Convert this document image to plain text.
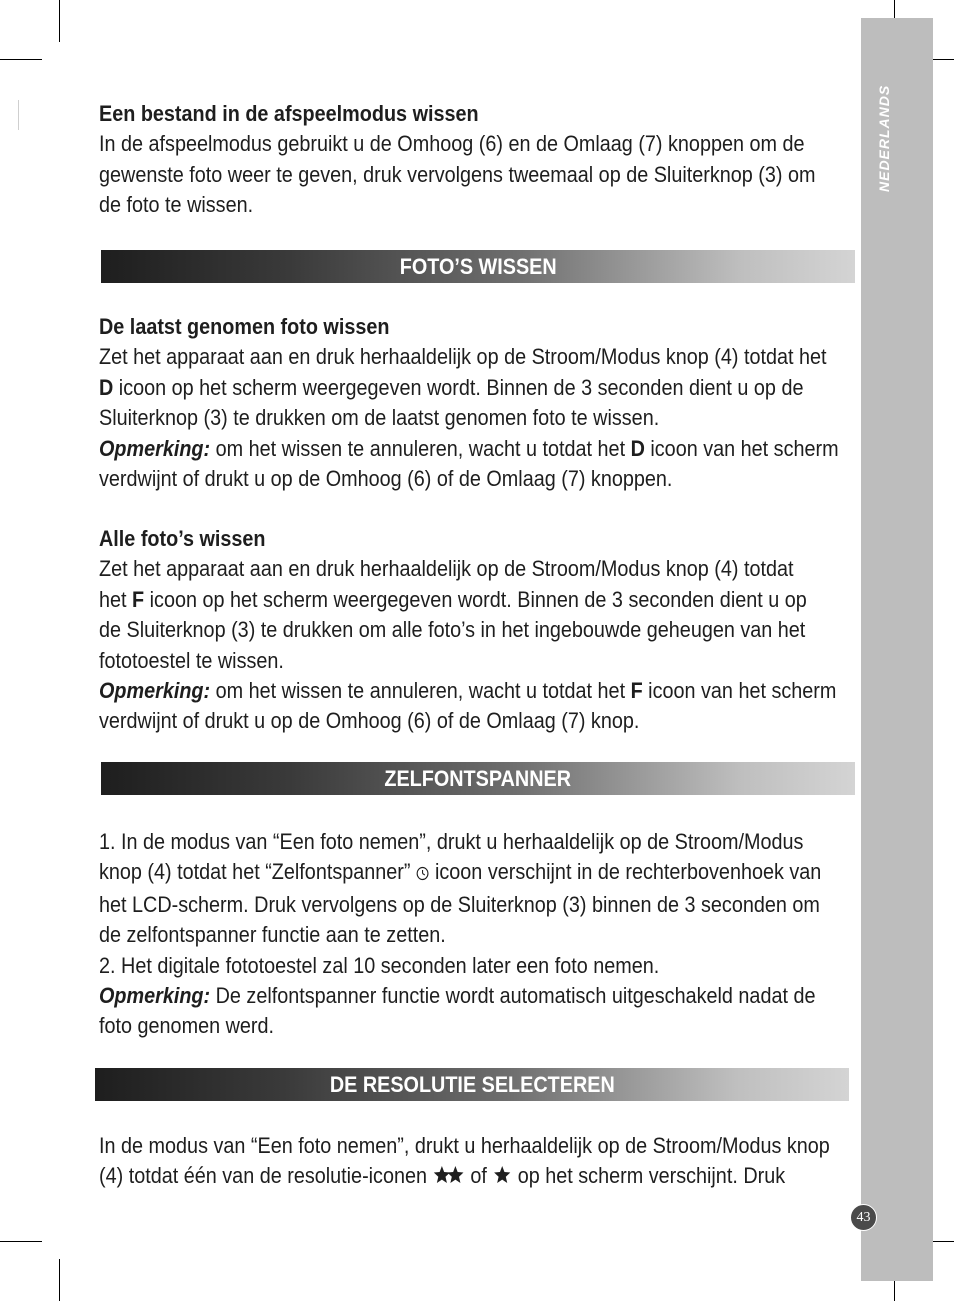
NEDERLANDS
Een bestand in de afspeelmodus wissen
In de afspeelmodus gebruikt u de Omhoog (6) en de Omlaag (7) knoppen om de
gewenste foto weer te geven, druk vervolgens tweemaal op de Sluiterknop (3) om
de foto te wissen.
FOTO’S WISSEN
De laatst genomen foto wissen
Zet het apparaat aan en druk herhaaldelijk op de Stroom/Modus knop (4) totdat het
D icoon op het scherm weergegeven wordt. Binnen de 3 seconden dient u op de
Sluiterknop (3) te drukken om de laatst genomen foto te wissen.
Opmerking: om het wissen te annuleren, wacht u totdat het D icoon van het scherm
verdwijnt of drukt u op de Omhoog (6) of de Omlaag (7) knoppen.
Alle foto’s wissen
Zet het apparaat aan en druk herhaaldelijk op de Stroom/Modus knop (4) totdat
het F icoon op het scherm weergegeven wordt. Binnen de 3 seconden dient u op
de Sluiterknop (3) te drukken om alle foto’s in het ingebouwde geheugen van het
fototoestel te wissen.
Opmerking: om het wissen te annuleren, wacht u totdat het F icoon van het scherm
verdwijnt of drukt u op de Omhoog (6) of de Omlaag (7) knop.
ZELFONTSPANNER
1. In de modus van “Een foto nemen”, drukt u herhaaldelijk op de Stroom/Modus
knop (4) totdat het “Zelfontspanner”  icoon verschijnt in de rechterbovenhoek van
het LCD-scherm. Druk vervolgens op de Sluiterknop (3) binnen de 3 seconden om
de zelfontspanner functie aan te zetten.
2. Het digitale fototoestel zal 10 seconden later een foto nemen.
Opmerking: De zelfontspanner functie wordt automatisch uitgeschakeld nadat de
foto genomen werd.
DE RESOLUTIE SELECTEREN
In de modus van “Een foto nemen”, drukt u herhaaldelijk op de Stroom/Modus knop
(4) totdat één van de resolutie-iconen  of  op het scherm verschijnt. Druk
43
